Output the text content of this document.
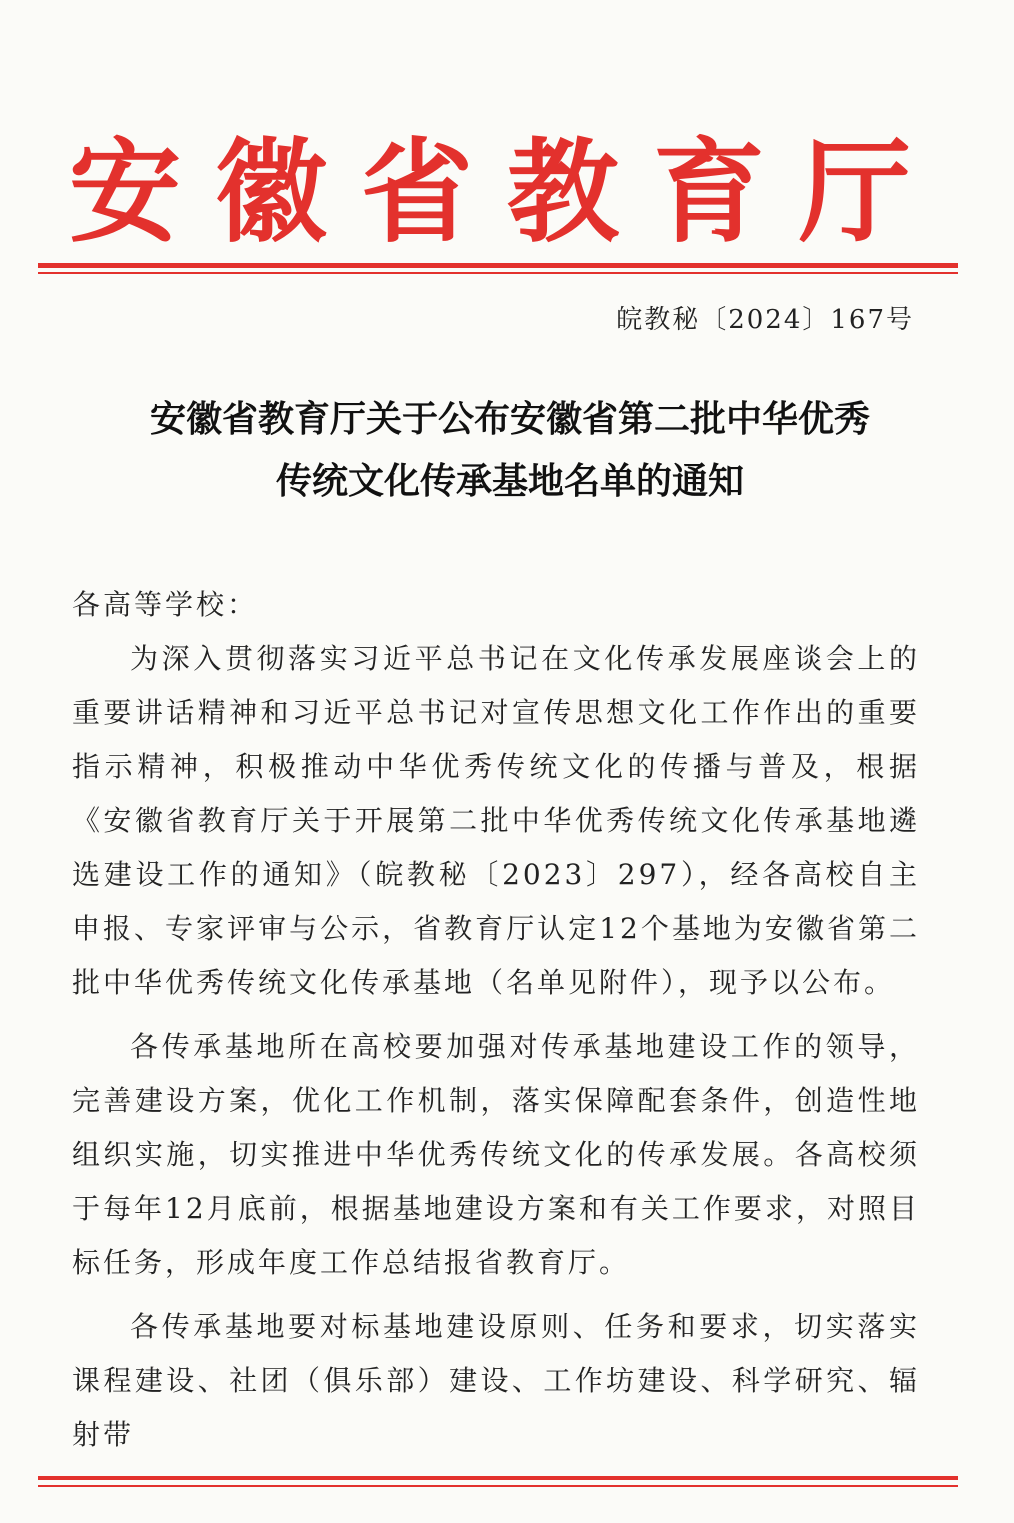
安徽省教育厅
皖教秘〔2024〕167号
安徽省教育厅关于公布安徽省第二批中华优秀
传统文化传承基地名单的通知

各高等学校：

为深入贯彻落实习近平总书记在文化传承发展座谈会上的重要讲话精神和习近平总书记对宣传思想文化工作作出的重要指示精神，积极推动中华优秀传统文化的传播与普及，根据《安徽省教育厅关于开展第二批中华优秀传统文化传承基地遴选建设工作的通知》（皖教秘〔2023〕297），经各高校自主申报、专家评审与公示，省教育厅认定12个基地为安徽省第二批中华优秀传统文化传承基地（名单见附件），现予以公布。

各传承基地所在高校要加强对传承基地建设工作的领导，完善建设方案，优化工作机制，落实保障配套条件，创造性地组织实施，切实推进中华优秀传统文化的传承发展。各高校须于每年12月底前，根据基地建设方案和有关工作要求，对照目标任务，形成年度工作总结报省教育厅。

各传承基地要对标基地建设原则、任务和要求，切实落实课程建设、社团（俱乐部）建设、工作坊建设、科学研究、辐射带
